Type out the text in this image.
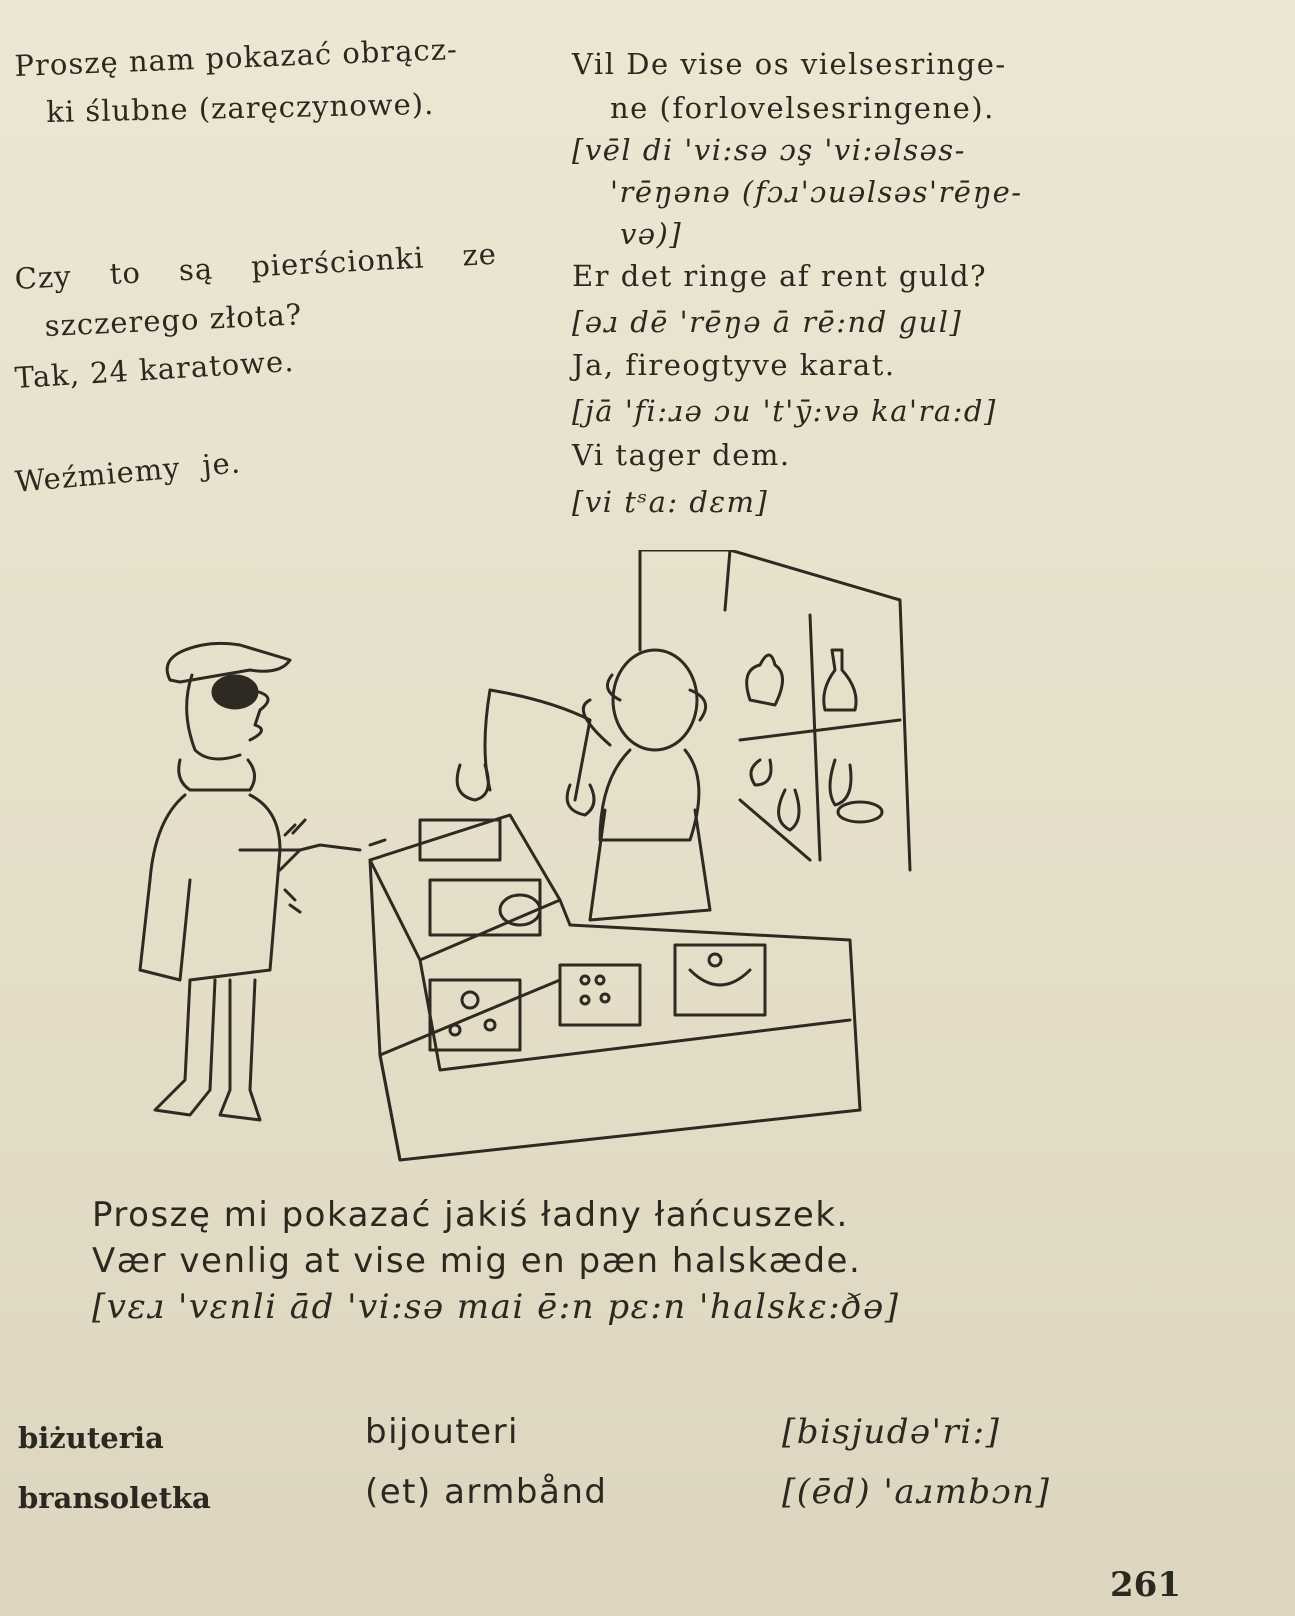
Proszę nam pokazać obrącz-
ki ślubne (zaręczynowe).
Vil De vise os vielsesringe-
ne (forlovelsesringene).
[vēl di 'vi:sə ɔş 'vi:əlsəs-
'rēŋənə (fɔɹ'ɔuəlsəs'rēŋe-
və)]
Czy to są pierścionki ze
szczerego złota?
Er det ringe af rent guld?
[əɹ dē 'rēŋə ā rē:nd gul]
Tak, 24 karatowe.	Ja, fireogtyve karat.
[jā 'fi:ɹə ɔu 't'ȳ:və ka'ra:d]
Weźmiemy je.	Vi tager dem.
[vi tˢa: dɛm]
Proszę mi pokazać jakiś ładny łańcuszek.
Vær venlig at vise mig en pæn halskæde.
[vɛɹ 'vɛnli ād 'vi:sə mai ē:n pɛ:n 'halskɛ:ðə]
biżuteria	bijouteri	[bisjudə'ri:]
bransoletka	(et) armbånd	[(ēd) 'aɹmbɔn]
261
